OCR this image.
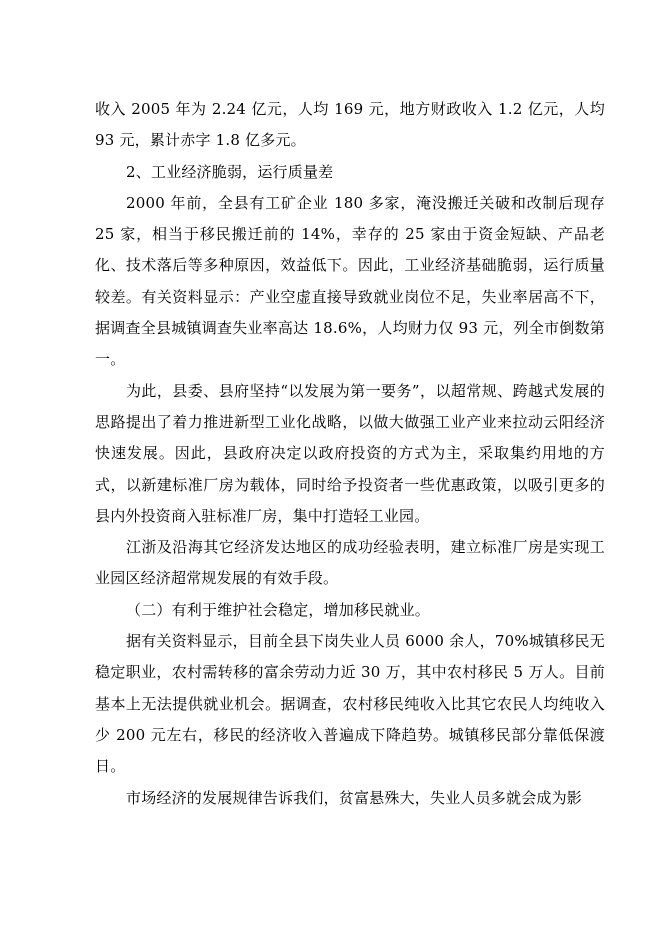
收入 2005 年为 2.24 亿元，人均 169 元，地方财政收入 1.2 亿元，人均 93 元，累计赤字 1.8 亿多元。

2、工业经济脆弱，运行质量差

2000 年前，全县有工矿企业 180 多家，淹没搬迁关破和改制后现存 25 家，相当于移民搬迁前的 14%，幸存的 25 家由于资金短缺、产品老化、技术落后等多种原因，效益低下。因此，工业经济基础脆弱，运行质量较差。有关资料显示：产业空虚直接导致就业岗位不足，失业率居高不下，据调查全县城镇调查失业率高达 18.6%，人均财力仅 93 元，列全市倒数第一。

为此，县委、县府坚持“以发展为第一要务”，以超常规、跨越式发展的思路提出了着力推进新型工业化战略，以做大做强工业产业来拉动云阳经济快速发展。因此，县政府决定以政府投资的方式为主，采取集约用地的方式，以新建标准厂房为载体，同时给予投资者一些优惠政策，以吸引更多的县内外投资商入驻标准厂房，集中打造轻工业园。

江浙及沿海其它经济发达地区的成功经验表明，建立标准厂房是实现工业园区经济超常规发展的有效手段。

（二）有利于维护社会稳定，增加移民就业。

据有关资料显示，目前全县下岗失业人员 6000 余人，70%城镇移民无稳定职业，农村需转移的富余劳动力近 30 万，其中农村移民 5 万人。目前基本上无法提供就业机会。据调查，农村移民纯收入比其它农民人均纯收入少 200 元左右，移民的经济收入普遍成下降趋势。城镇移民部分靠低保渡日。

市场经济的发展规律告诉我们，贫富悬殊大，失业人员多就会成为影
